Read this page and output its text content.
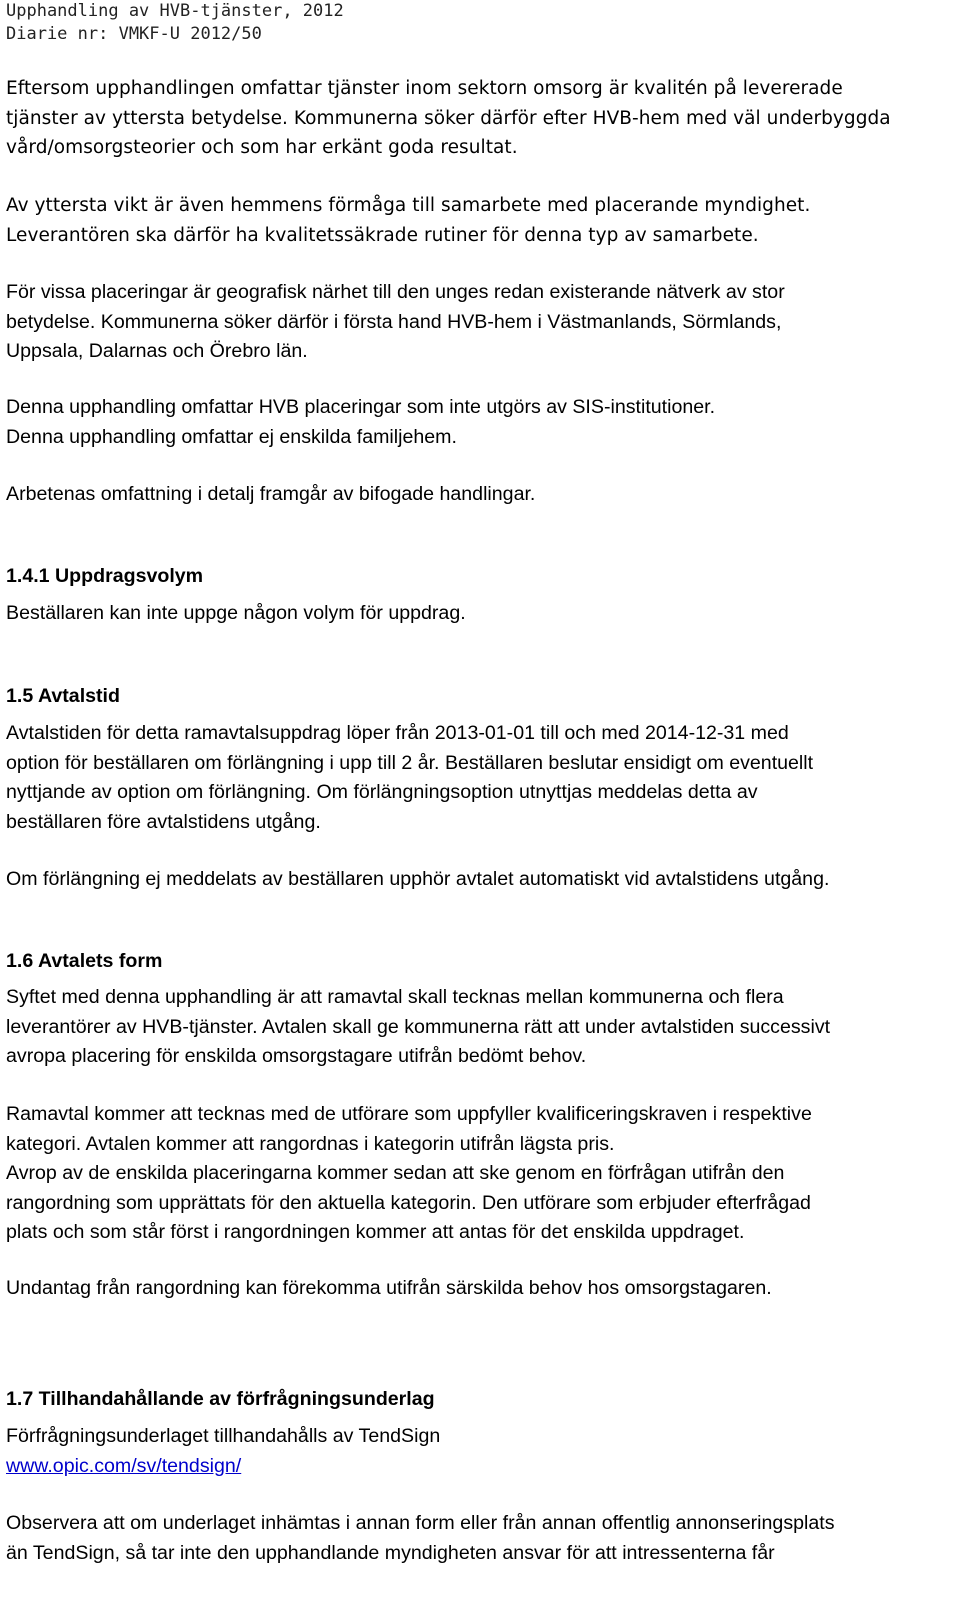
Upphandling av HVB-tjänster, 2012
Diarie nr: VMKF-U 2012/50
Eftersom upphandlingen omfattar tjänster inom sektorn omsorg är kvalitén på levererade
tjänster av yttersta betydelse. Kommunerna söker därför efter HVB-hem med väl underbyggda
vård/omsorgsteorier och som har erkänt goda resultat.
Av yttersta vikt är även hemmens förmåga till samarbete med placerande myndighet.
Leverantören ska därför ha kvalitetssäkrade rutiner för denna typ av samarbete.
För vissa placeringar är geografisk närhet till den unges redan existerande nätverk av stor
betydelse. Kommunerna söker därför i första hand HVB-hem i Västmanlands, Sörmlands,
Uppsala, Dalarnas och Örebro län.
Denna upphandling omfattar HVB placeringar som inte utgörs av SIS-institutioner.
Denna upphandling omfattar ej enskilda familjehem.
Arbetenas omfattning i detalj framgår av bifogade handlingar.
1.4.1 Uppdragsvolym
Beställaren kan inte uppge någon volym för uppdrag.
1.5 Avtalstid
Avtalstiden för detta ramavtalsuppdrag löper från 2013-01-01 till och med 2014-12-31 med
option för beställaren om förlängning i upp till 2 år. Beställaren beslutar ensidigt om eventuellt
nyttjande av option om förlängning. Om förlängningsoption utnyttjas meddelas detta av
beställaren före avtalstidens utgång.
Om förlängning ej meddelats av beställaren upphör avtalet automatiskt vid avtalstidens utgång.
1.6 Avtalets form
Syftet med denna upphandling är att ramavtal skall tecknas mellan kommunerna och flera
leverantörer av HVB-tjänster. Avtalen skall ge kommunerna rätt att under avtalstiden successivt
avropa placering för enskilda omsorgstagare utifrån bedömt behov.
Ramavtal kommer att tecknas med de utförare som uppfyller kvalificeringskraven i respektive
kategori. Avtalen kommer att rangordnas i kategorin utifrån lägsta pris.
Avrop av de enskilda placeringarna kommer sedan att ske genom en förfrågan utifrån den
rangordning som upprättats för den aktuella kategorin. Den utförare som erbjuder efterfrågad
plats och som står först i rangordningen kommer att antas för det enskilda uppdraget.
Undantag från rangordning kan förekomma utifrån särskilda behov hos omsorgstagaren.
1.7 Tillhandahållande av förfrågningsunderlag
Förfrågningsunderlaget tillhandahålls av TendSign
www.opic.com/sv/tendsign/
Observera att om underlaget inhämtas i annan form eller från annan offentlig annonseringsplats
än TendSign, så tar inte den upphandlande myndigheten ansvar för att intressenterna får
